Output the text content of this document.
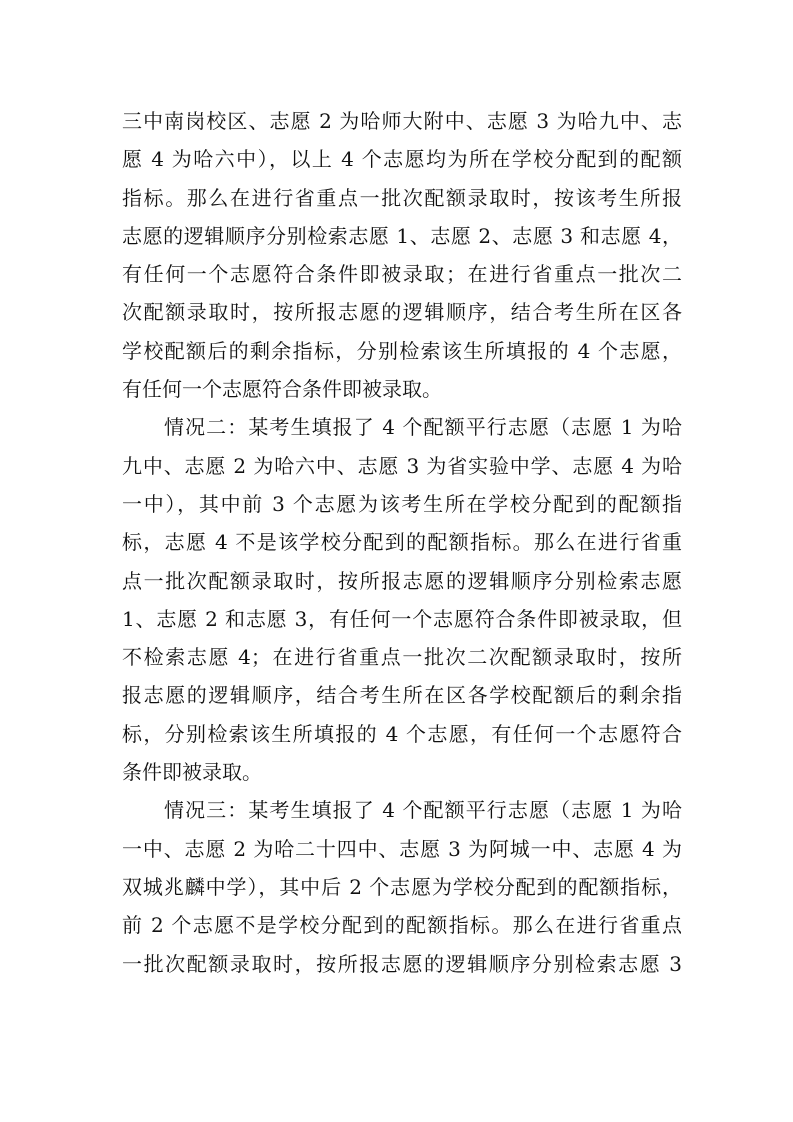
三中南岗校区、志愿 2 为哈师大附中、志愿 3 为哈九中、志
愿 4 为哈六中），以上 4 个志愿均为所在学校分配到的配额
指标。那么在进行省重点一批次配额录取时，按该考生所报
志愿的逻辑顺序分别检索志愿 1、志愿 2、志愿 3 和志愿 4，
有任何一个志愿符合条件即被录取；在进行省重点一批次二
次配额录取时，按所报志愿的逻辑顺序，结合考生所在区各
学校配额后的剩余指标，分别检索该生所填报的 4 个志愿，
有任何一个志愿符合条件即被录取。
情况二：某考生填报了 4 个配额平行志愿（志愿 1 为哈
九中、志愿 2 为哈六中、志愿 3 为省实验中学、志愿 4 为哈
一中），其中前 3 个志愿为该考生所在学校分配到的配额指
标，志愿 4 不是该学校分配到的配额指标。那么在进行省重
点一批次配额录取时，按所报志愿的逻辑顺序分别检索志愿
1、志愿 2 和志愿 3，有任何一个志愿符合条件即被录取，但
不检索志愿 4；在进行省重点一批次二次配额录取时，按所
报志愿的逻辑顺序，结合考生所在区各学校配额后的剩余指
标，分别检索该生所填报的 4 个志愿，有任何一个志愿符合
条件即被录取。
情况三：某考生填报了 4 个配额平行志愿（志愿 1 为哈
一中、志愿 2 为哈二十四中、志愿 3 为阿城一中、志愿 4 为
双城兆麟中学），其中后 2 个志愿为学校分配到的配额指标，
前 2 个志愿不是学校分配到的配额指标。那么在进行省重点
一批次配额录取时，按所报志愿的逻辑顺序分别检索志愿 3
